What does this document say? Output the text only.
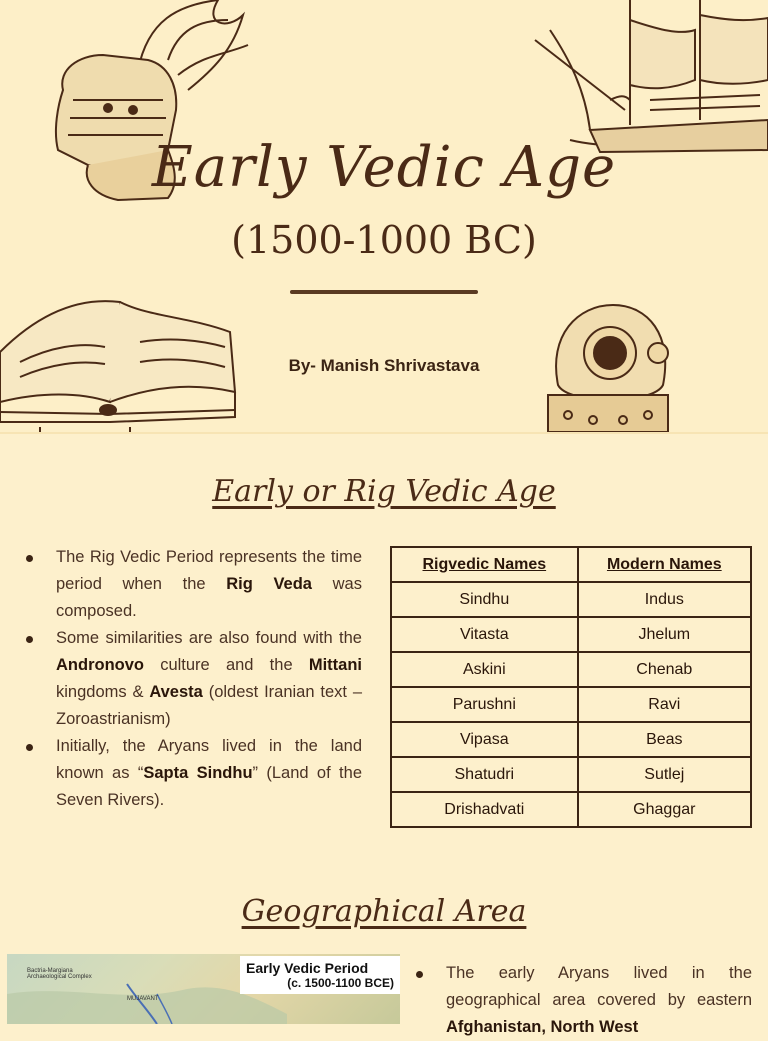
Early Vedic Age
(1500-1000 BC)
By- Manish Shrivastava
Early or Rig Vedic Age
The Rig Vedic Period represents the time period when the Rig Veda was composed.
Some similarities are also found with the Andronovo culture and the Mittani kingdoms & Avesta (oldest Iranian text – Zoroastrianism)
Initially, the Aryans lived in the land known as “Sapta Sindhu” (Land of the Seven Rivers).
Rigvedic Names	Modern Names
Sindhu	Indus
Vitasta	Jhelum
Askini	Chenab
Parushni	Ravi
Vipasa	Beas
Shatudri	Sutlej
Drishadvati	Ghaggar
Geographical Area
Bactria-Margiana Archaeological Complex
MUJAVANT
Early Vedic Period
(c. 1500-1100 BCE)
The early Aryans lived in the geographical area covered by eastern Afghanistan, North West
